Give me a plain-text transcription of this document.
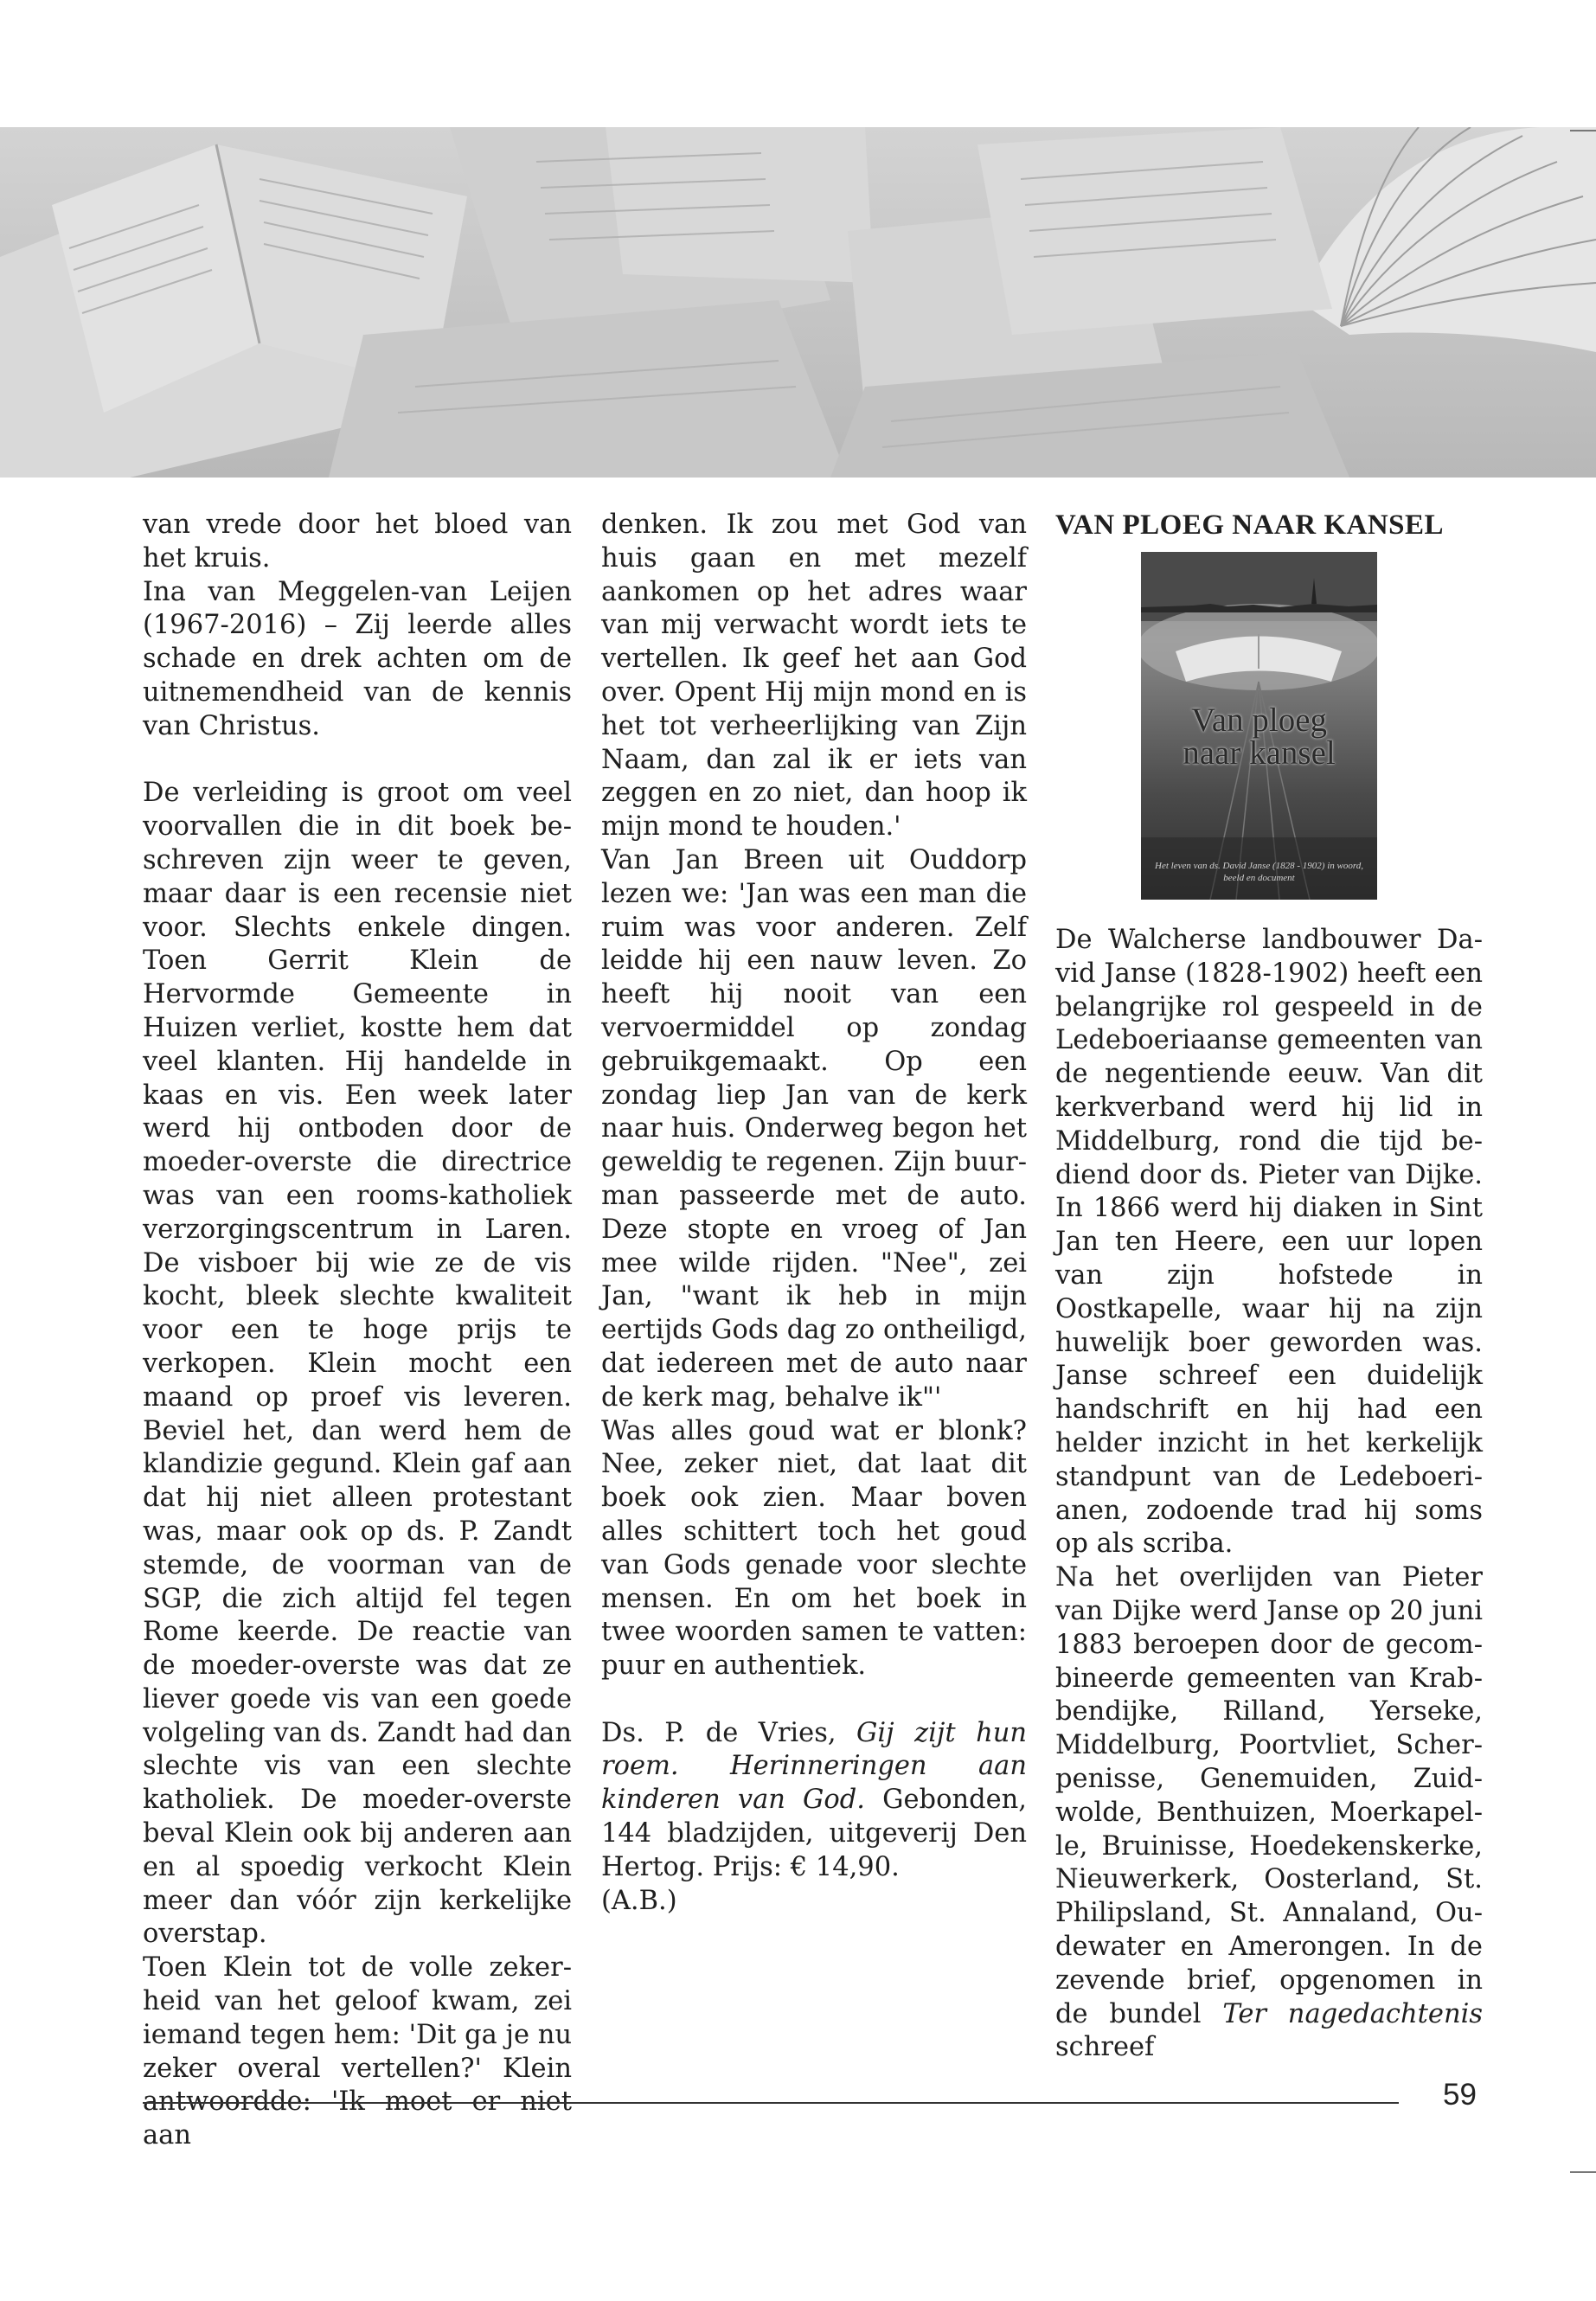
van vrede door het bloed van het kruis.

Ina van Meggelen-van Leijen (1967-2016) – Zij leerde alles schade en drek achten om de uitnemendheid van de kennis van Christus.

De verleiding is groot om veel voorvallen die in dit boek beschreven zijn weer te geven, maar daar is een recensie niet voor. Slechts enkele dingen. Toen Gerrit Klein de Hervormde Gemeente in Huizen verliet, kostte hem dat veel klanten. Hij handelde in kaas en vis. Een week later werd hij ontboden door de moeder-overste die directrice was van een rooms-katholiek verzorgingscentrum in Laren. De visboer bij wie ze de vis kocht, bleek slechte kwaliteit voor een te hoge prijs te verkopen. Klein mocht een maand op proef vis leveren. Beviel het, dan werd hem de klandizie gegund. Klein gaf aan dat hij niet alleen protestant was, maar ook op ds. P. Zandt stemde, de voorman van de SGP, die zich altijd fel tegen Rome keerde. De reactie van de moeder-overste was dat ze liever goede vis van een goede volgeling van ds. Zandt had dan slechte vis van een slechte katholiek. De moeder-overste beval Klein ook bij anderen aan en al spoedig verkocht Klein meer dan vóór zijn kerkelijke overstap.

Toen Klein tot de volle zekerheid van het geloof kwam, zei iemand tegen hem: 'Dit ga je nu zeker overal vertellen?' Klein antwoordde: 'Ik moet er niet aan

denken. Ik zou met God van huis gaan en met mezelf aankomen op het adres waar van mij verwacht wordt iets te vertellen. Ik geef het aan God over. Opent Hij mijn mond en is het tot verheerlijking van Zijn Naam, dan zal ik er iets van zeggen en zo niet, dan hoop ik mijn mond te houden.'

Van Jan Breen uit Ouddorp lezen we: 'Jan was een man die ruim was voor anderen. Zelf leidde hij een nauw leven. Zo heeft hij nooit van een vervoermiddel op zondag gebruikgemaakt. Op een zondag liep Jan van de kerk naar huis. Onderweg begon het geweldig te regenen. Zijn buurman passeerde met de auto. Deze stopte en vroeg of Jan mee wilde rijden. "Nee", zei Jan, "want ik heb in mijn eertijds Gods dag zo ontheiligd, dat iedereen met de auto naar de kerk mag, behalve ik"'

Was alles goud wat er blonk? Nee, zeker niet, dat laat dit boek ook zien. Maar boven alles schittert toch het goud van Gods genade voor slechte mensen. En om het boek in twee woorden samen te vatten: puur en authentiek.

Ds. P. de Vries, Gij zijt hun roem. Herinneringen aan kinderen van God. Gebonden, 144 bladzijden, uitgeverij Den Hertog. Prijs: € 14,90.

(A.B.)

VAN PLOEG NAAR KANSEL
Van ploeg naar kansel
Het leven van ds. David Janse (1828 - 1902) in woord, beeld en document

De Walcherse landbouwer David Janse (1828-1902) heeft een belangrijke rol gespeeld in de Ledeboeriaanse gemeenten van de negentiende eeuw. Van dit kerkverband werd hij lid in Middelburg, rond die tijd bediend door ds. Pieter van Dijke. In 1866 werd hij diaken in Sint Jan ten Heere, een uur lopen van zijn hofstede in Oostkapelle, waar hij na zijn huwelijk boer geworden was. Janse schreef een duidelijk handschrift en hij had een helder inzicht in het kerkelijk standpunt van de Ledeboerianen, zodoende trad hij soms op als scriba.

Na het overlijden van Pieter van Dijke werd Janse op 20 juni 1883 beroepen door de gecombineerde gemeenten van Krabbendijke, Rilland, Yerseke, Middelburg, Poortvliet, Scherpenisse, Genemuiden, Zuidwolde, Benthuizen, Moerkapelle, Bruinisse, Hoedekenskerke, Nieuwerkerk, Oosterland, St. Philipsland, St. Annaland, Oudewater en Amerongen. In de zevende brief, opgenomen in de bundel Ter nagedachtenis schreef

59
